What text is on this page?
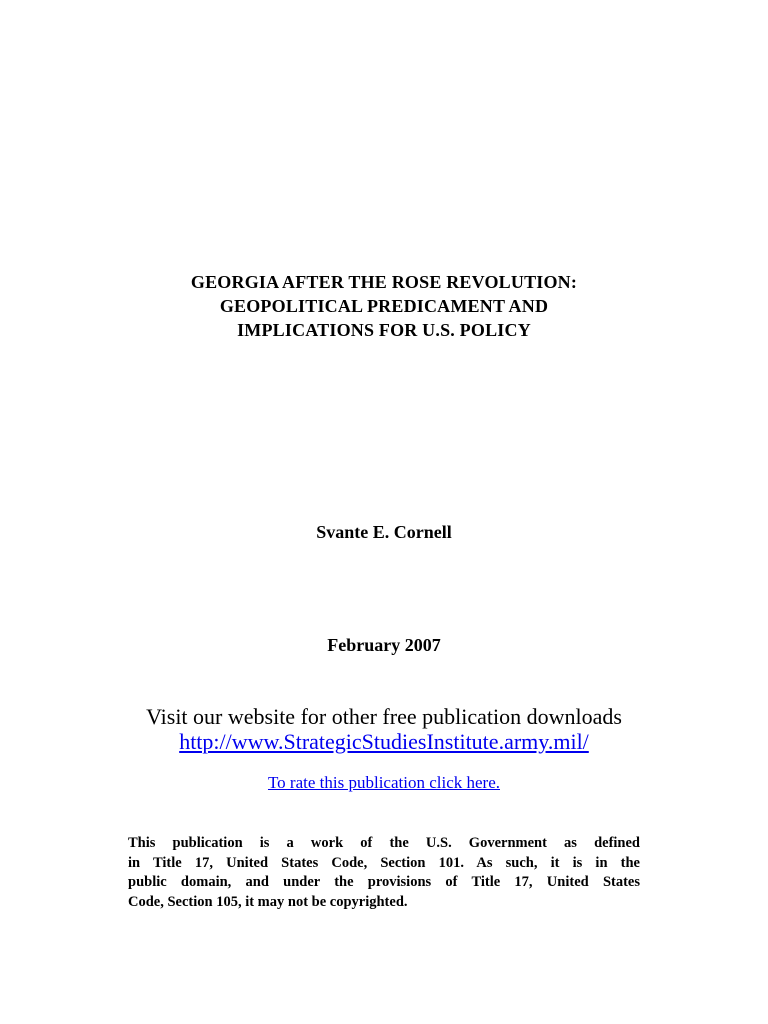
GEORGIA AFTER THE ROSE REVOLUTION:
GEOPOLITICAL PREDICAMENT AND
IMPLICATIONS FOR U.S. POLICY
Svante E. Cornell
February 2007
Visit our website for other free publication downloads
http://www.StrategicStudiesInstitute.army.mil/
To rate this publication click here.
This publication is a work of the U.S. Government as defined
in Title 17, United States Code, Section 101. As such, it is in the
public domain, and under the provisions of Title 17, United States
Code, Section 105, it may not be copyrighted.
